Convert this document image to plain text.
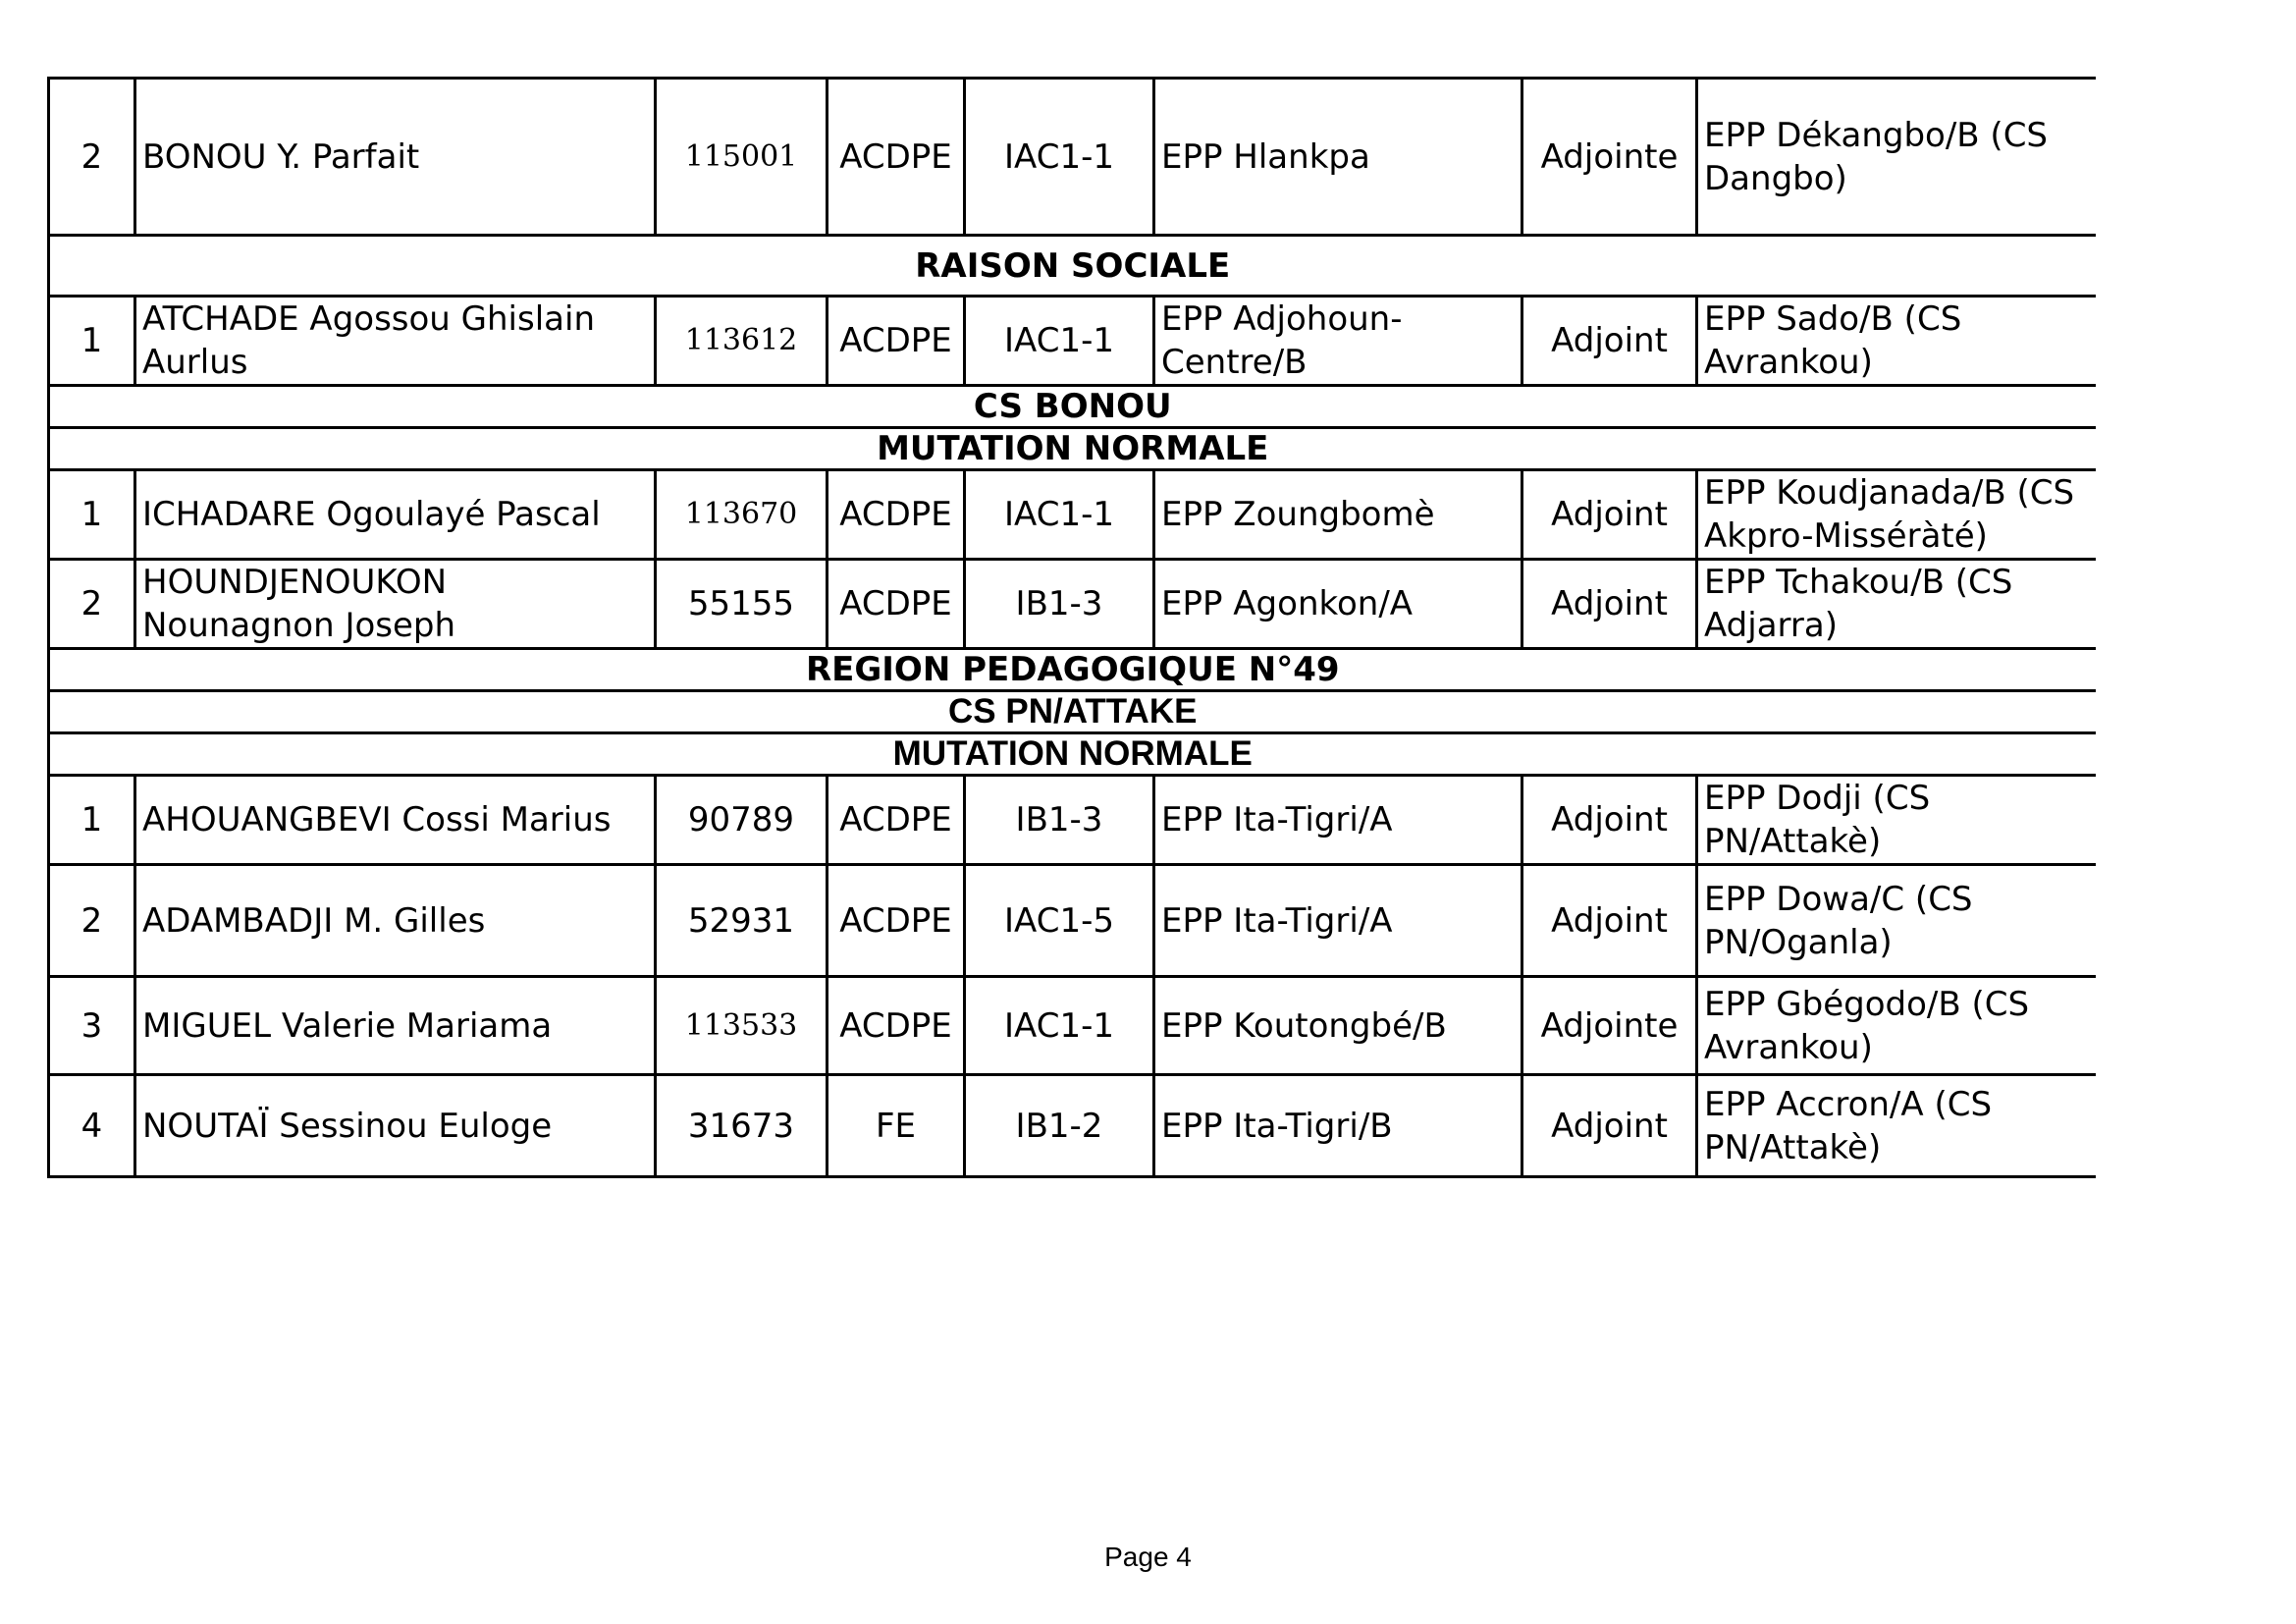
2	BONOU Y. Parfait	115001	ACDPE	IAC1-1	EPP Hlankpa	Adjointe	EPP Dékangbo/B (CS Dangbo)
RAISON SOCIALE							
1	ATCHADE Agossou Ghislain Aurlus	113612	ACDPE	IAC1-1	EPP Adjohoun-Centre/B	Adjoint	EPP Sado/B (CS Avrankou)
CS BONOU							
MUTATION NORMALE							
1	ICHADARE Ogoulayé Pascal	113670	ACDPE	IAC1-1	EPP Zoungbomè	Adjoint	EPP Koudjanada/B (CS Akpro-Misséràté)
2	HOUNDJENOUKON Nounagnon Joseph	55155	ACDPE	IB1-3	EPP Agonkon/A	Adjoint	EPP Tchakou/B (CS Adjarra)
REGION PEDAGOGIQUE N°49							
CS PN/ATTAKE							
MUTATION NORMALE							
1	AHOUANGBEVI Cossi Marius	90789	ACDPE	IB1-3	EPP Ita-Tigri/A	Adjoint	EPP Dodji (CS PN/Attakè)
2	ADAMBADJI M. Gilles	52931	ACDPE	IAC1-5	EPP Ita-Tigri/A	Adjoint	EPP Dowa/C (CS PN/Oganla)
3	MIGUEL Valerie Mariama	113533	ACDPE	IAC1-1	EPP Koutongbé/B	Adjointe	EPP Gbégodo/B (CS Avrankou)
4	NOUTAÏ Sessinou Euloge	31673	FE	IB1-2	EPP Ita-Tigri/B	Adjoint	EPP Accron/A (CS PN/Attakè)
Page 4
